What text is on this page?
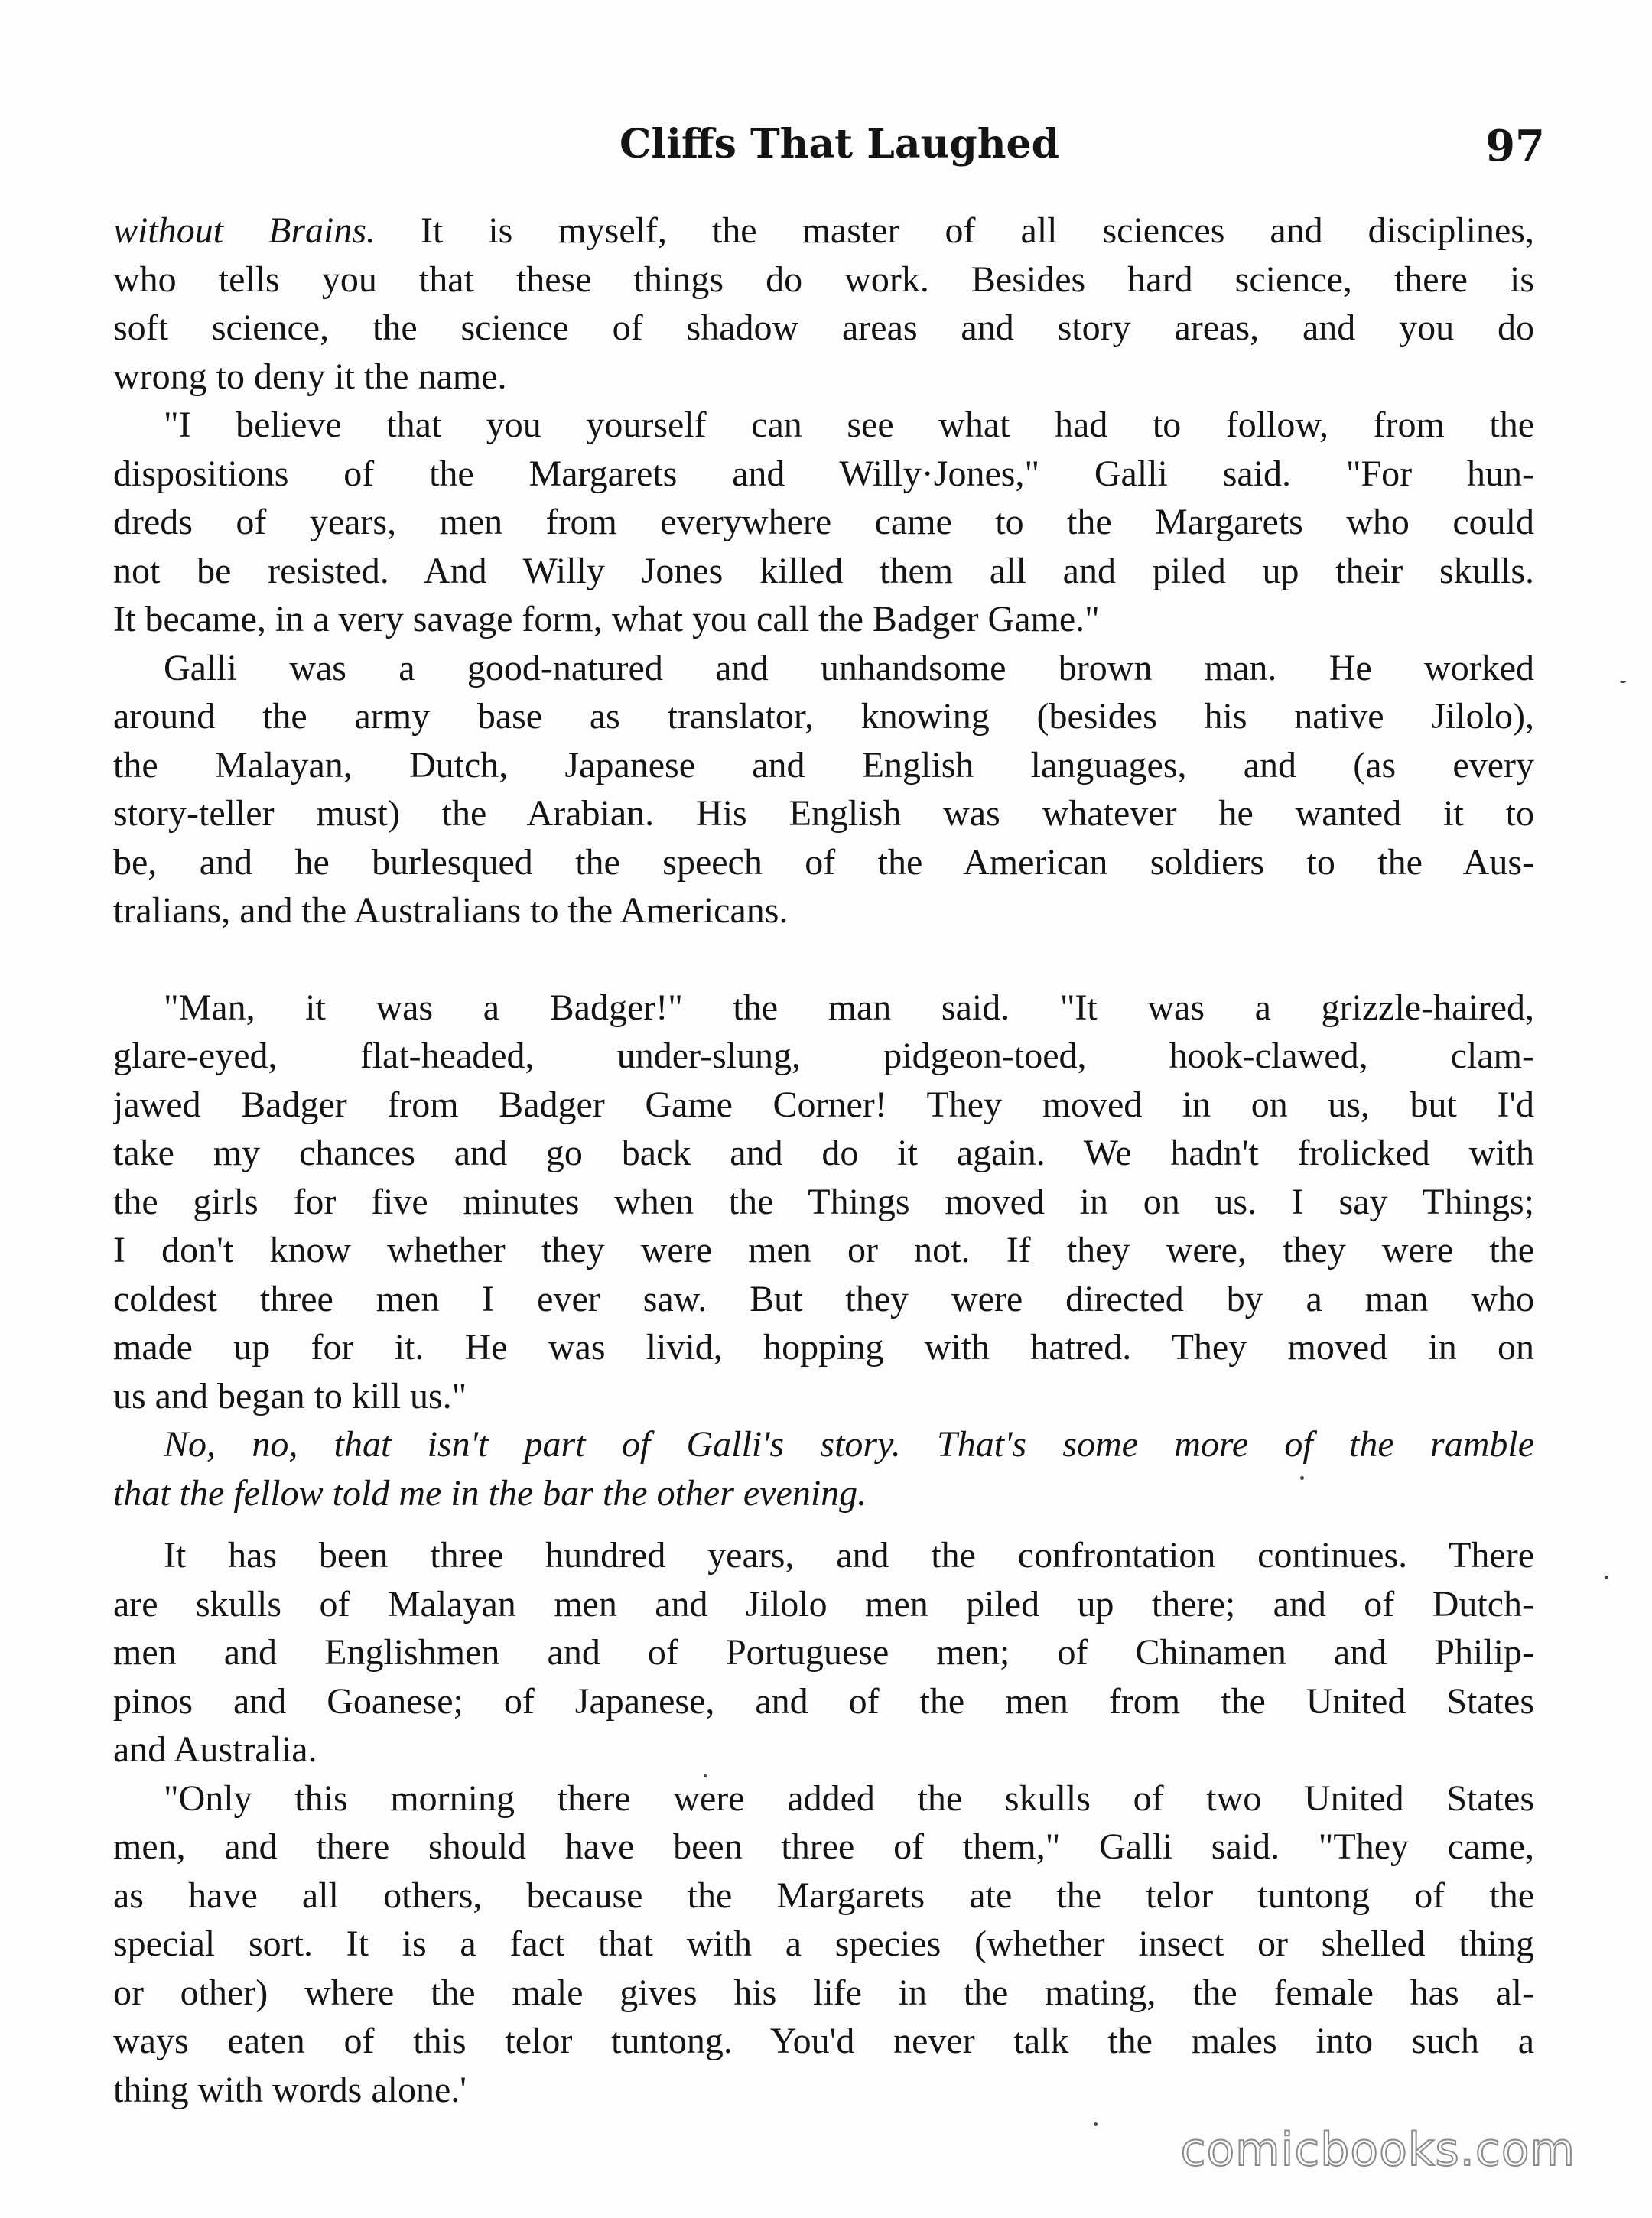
Cliffs That Laughed	97
without Brains. It is myself, the master of all sciences and disciplines,
who tells you that these things do work. Besides hard science, there is
soft science, the science of shadow areas and story areas, and you do
wrong to deny it the name.
"I believe that you yourself can see what had to follow, from the
dispositions of the Margarets and Willy·Jones," Galli said. "For hun-
dreds of years, men from everywhere came to the Margarets who could
not be resisted. And Willy Jones killed them all and piled up their skulls.
It became, in a very savage form, what you call the Badger Game."
Galli was a good-natured and unhandsome brown man. He worked
around the army base as translator, knowing (besides his native Jilolo),
the Malayan, Dutch, Japanese and English languages, and (as every
story-teller must) the Arabian. His English was whatever he wanted it to
be, and he burlesqued the speech of the American soldiers to the Aus-
tralians, and the Australians to the Americans.
"Man, it was a Badger!" the man said. "It was a grizzle-haired,
glare-eyed, flat-headed, under-slung, pidgeon-toed, hook-clawed, clam-
jawed Badger from Badger Game Corner! They moved in on us, but I'd
take my chances and go back and do it again. We hadn't frolicked with
the girls for five minutes when the Things moved in on us. I say Things;
I don't know whether they were men or not. If they were, they were the
coldest three men I ever saw. But they were directed by a man who
made up for it. He was livid, hopping with hatred. They moved in on
us and began to kill us."
No, no, that isn't part of Galli's story. That's some more of the ramble
that the fellow told me in the bar the other evening.
It has been three hundred years, and the confrontation continues. There
are skulls of Malayan men and Jilolo men piled up there; and of Dutch-
men and Englishmen and of Portuguese men; of Chinamen and Philip-
pinos and Goanese; of Japanese, and of the men from the United States
and Australia.
"Only this morning there were added the skulls of two United States
men, and there should have been three of them," Galli said. "They came,
as have all others, because the Margarets ate the telor tuntong of the
special sort. It is a fact that with a species (whether insect or shelled thing
or other) where the male gives his life in the mating, the female has al-
ways eaten of this telor tuntong. You'd never talk the males into such a
thing with words alone.'
comicbooks.com
